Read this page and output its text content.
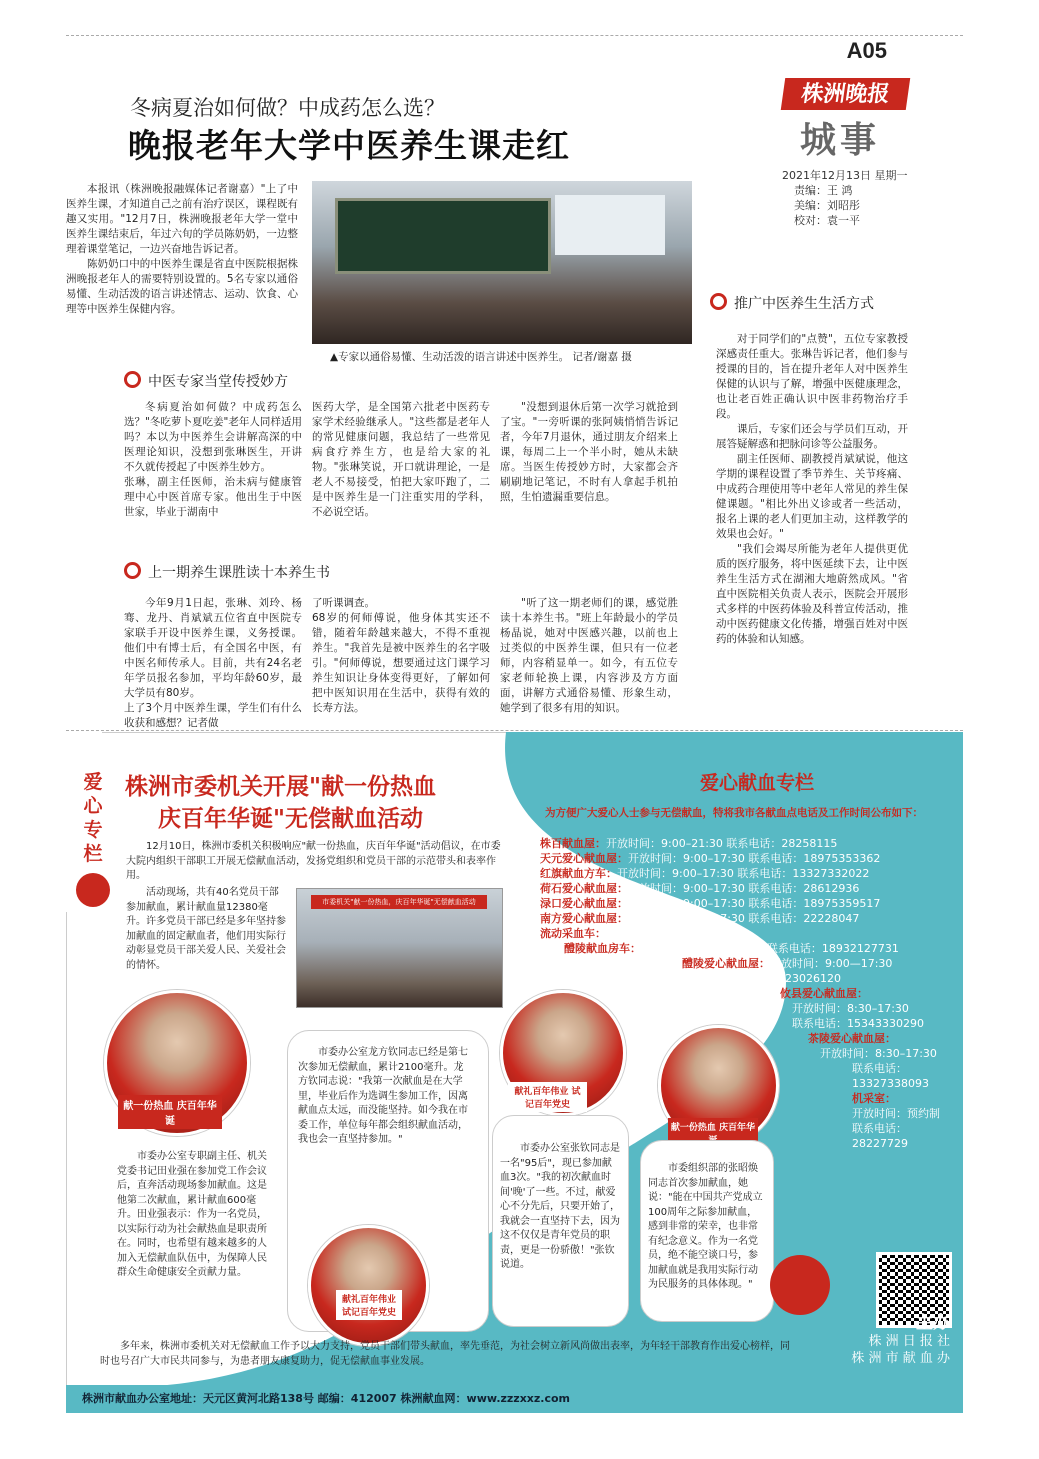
A05
株洲晚报
城事
2021年12月13日 星期一
责编：王 鸿
美编：刘昭彤
校对：袁一平
冬病夏治如何做？中成药怎么选？
晚报老年大学中医养生课走红

本报讯（株洲晚报融媒体记者谢嘉）"上了中医养生课，才知道自己之前有治疗误区，课程既有趣又实用。"12月7日，株洲晚报老年大学一堂中医养生课结束后，年过六旬的学员陈奶奶，一边整理着课堂笔记，一边兴奋地告诉记者。

陈奶奶口中的中医养生课是省直中医院根据株洲晚报老年人的需要特别设置的。5名专家以通俗易懂、生动活泼的语言讲述情志、运动、饮食、心理等中医养生保健内容。

▲专家以通俗易懂、生动活泼的语言讲述中医养生。 记者/谢嘉 摄
中医专家当堂传授妙方
冬病夏治如何做？中成药怎么选？"冬吃萝卜夏吃姜"老年人同样适用吗？本以为中医养生会讲解高深的中医理论知识，没想到张琳医生，开讲不久就传授起了中医养生妙方。
张琳，副主任医师，治未病与健康管理中心中医首席专家。他出生于中医世家，毕业于湖南中
医药大学，是全国第六批老中医药专家学术经验继承人。"这些都是老年人的常见健康问题，我总结了一些常见病食疗养生方，也是给大家的礼物。"张琳笑说，开口就讲理论，一是老人不易接受，怕把大家吓跑了，二是中医养生是一门注重实用的学科，不必说空话。
"没想到退休后第一次学习就抢到了宝。"一旁听课的张阿姨悄悄告诉记者，今年7月退休，通过朋友介绍来上课，每周二上一个半小时，她从未缺席。当医生传授妙方时，大家都会齐刷刷地记笔记，不时有人拿起手机拍照，生怕遗漏重要信息。
上一期养生课胜读十本养生书
今年9月1日起，张琳、刘玲、杨骞、龙丹、肖斌斌五位省直中医院专家联手开设中医养生课，义务授课。他们中有博士后，有全国名中医，有中医名师传承人。目前，共有24名老年学员报名参加，平均年龄60岁，最大学员有80岁。
上了3个月中医养生课，学生们有什么收获和感想？记者做
了听课调查。
68岁的何师傅说，他身体其实还不错，随着年龄越来越大，不得不重视养生。"我首先是被中医养生的名字吸引。"何师傅说，想要通过这门课学习养生知识让身体变得更好，了解如何把中医知识用在生活中，获得有效的长寿方法。
"听了这一期老师们的课，感觉胜读十本养生书。"班上年龄最小的学员杨晶说，她对中医感兴趣，以前也上过类似的中医养生课，但只有一位老师，内容稍显单一。如今，有五位专家老师轮换上课，内容涉及方方面面，讲解方式通俗易懂、形象生动，她学到了很多有用的知识。
推广中医养生生活方式

对于同学们的"点赞"，五位专家教授深感责任重大。张琳告诉记者，他们参与授课的目的，旨在提升老年人对中医养生保健的认识与了解，增强中医健康理念，也让老百姓正确认识中医非药物治疗手段。

课后，专家们还会与学员们互动，开展答疑解惑和把脉问诊等公益服务。

副主任医师、副教授肖斌斌说，他这学期的课程设置了季节养生、关节疼痛、中成药合理使用等中老年人常见的养生保健课题。"相比外出义诊或者一些活动，报名上课的老人们更加主动，这样教学的效果也会好。"

"我们会竭尽所能为老年人提供更优质的医疗服务，将中医延续下去，让中医养生生活方式在湖湘大地蔚然成风。"省直中医院相关负责人表示，医院会开展形式多样的中医药体验及科普宣传活动，推动中医药健康文化传播，增强百姓对中医药的体验和认知感。

爱心专栏
株洲市委机关开展"献一份热血
庆百年华诞"无偿献血活动

12月10日，株洲市委机关积极响应"献一份热血，庆百年华诞"活动倡议，在市委大院内组织干部职工开展无偿献血活动，发扬党组织和党员干部的示范带头和表率作用。

活动现场，共有40名党员干部参加献血，累计献血量12380毫升。许多党员干部已经是多年坚持参加献血的固定献血者，他们用实际行动彰显党员干部关爱人民、关爱社会的情怀。

市委机关"献一份热血，庆百年华诞"无偿献血活动
献一份热血 庆百年华诞

市委办公室专职副主任、机关党委书记田业强在参加党工作会议后，直奔活动现场参加献血。这是他第二次献血，累计献血600毫升。田业强表示：作为一名党员，以实际行动为社会献热血是职责所在。同时，也希望有越来越多的人加入无偿献血队伍中，为保障人民群众生命健康安全贡献力量。

市委办公室龙方钦同志已经是第七次参加无偿献血，累计2100毫升。龙方钦同志说："我第一次献血是在大学里，毕业后作为选调生参加工作，因离献血点太远，而没能坚持。如今我在市委工作，单位每年都会组织献血活动，我也会一直坚持参加。"

献礼百年伟业 试记百年党史
献礼百年伟业 试记百年党史

市委办公室张钦同志是一名"95后"，现已参加献血3次。"我的初次献血时间'晚'了一些。不过，献爱心不分先后，只要开始了，我就会一直坚持下去，因为这不仅仅是青年党员的职责，更是一份骄傲！"张钦说道。

献一份热血 庆百年华

市委组织部的张昭焕同志首次参加献血，她说："能在中国共产党成立100周年之际参加献血，感到非常的荣幸，也非常有纪念意义。作为一名党员，绝不能空谈口号，参加献血就是我用实际行动为民服务的具体体现。"

爱心献血专栏
为方便广大爱心人士参与无偿献血，特将我市各献血点电话及工作时间公布如下：
株百献血屋：开放时间：9:00–21:30 联系电话：28258115
天元爱心献血屋：开放时间：9:00–17:30 联系电话：18975353362
红旗献血方车：开放时间：9:00–17:30 联系电话：13327332022
荷石爱心献血屋：开放时间：9:00–17:30 联系电话：28612936
渌口爱心献血屋：开放时间：9:00–17:30 联系电话：18975359517
南方爱心献血屋：开放时间：9:00–17:30 联系电话：22228047
流动采血车：联系电话：18975350933
醴陵献血房车：开放时间：9:00—17:30 联系电话：18932127731
醴陵爱心献血屋：开放时间：9:00—17:30
联系电话：23026120
攸县爱心献血屋：
开放时间：8:30–17:30
联系电话：15343330290
茶陵爱心献血屋：
开放时间：8:30–17:30
联系电话：
13327338093
机采室：
开放时间：预约制
联系电话：
28227729
主办
株 洲 日 报 社
株 洲 市 献 血 办

多年来，株洲市委机关对无偿献血工作予以大力支持，党员干部们带头献血，率先垂范，为社会树立新风尚做出表率，为年轻干部教育作出爱心榜样，同时也号召广大市民共同参与，为患者朋友康复助力，促无偿献血事业发展。

株洲市献血办公室地址：天元区黄河北路138号 邮编：412007 株洲献血网：www.zzzxxz.com
